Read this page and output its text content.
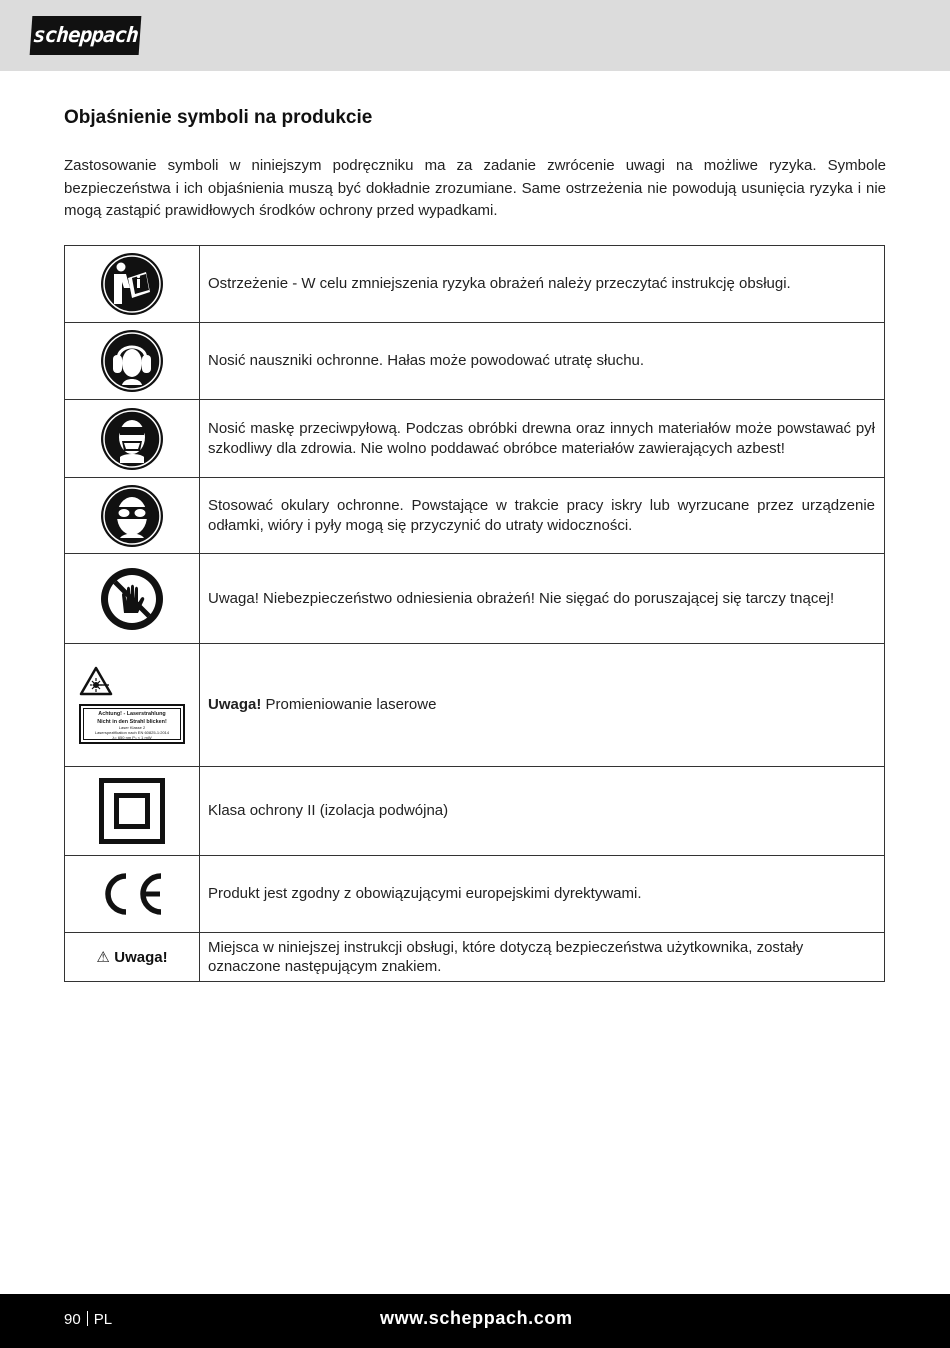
scheppach
Objaśnienie symboli na produkcie

Zastosowanie symboli w niniejszym podręczniku ma za zadanie zwrócenie uwagi na możliwe ryzyka. Symbole bezpieczeństwa i ich objaśnienia muszą być dokładnie zrozumiane. Same ostrzeżenia nie powodują usunięcia ryzyka i nie mogą zastąpić prawidłowych środków ochrony przed wypadkami.

	Ostrzeżenie - W celu zmniejszenia ryzyka obrażeń należy przeczytać instrukcję obsługi.

	Nosić nauszniki ochronne. Hałas może powodować utratę słuchu.

	Nosić maskę przeciwpyłową. Podczas obróbki drewna oraz innych materiałów może powstawać pył szkodliwy dla zdrowia. Nie wolno poddawać obróbce materiałów zawierających azbest!

	Stosować okulary ochronne. Powstające w trakcie pracy iskry lub wyrzucane przez urządzenie odłamki, wióry i pyły mogą się przyczynić do utraty widoczności.

	Uwaga! Niebezpieczeństwo odniesienia obrażeń! Nie sięgać do poruszającej się tarczy tnącej!

Achtung! - Laserstrahlung
Nicht in den Strahl blicken!
Laser Klasse 2
Laserspezifikation nach EN 60825-1:2014
λ= 650 nm P₀ < 1 mW	Uwaga! Promieniowanie laserowe

	Klasa ochrony II (izolacja podwójna)

	Produkt jest zgodny z obowiązującymi europejskimi dyrektywami.
⚠ Uwaga!	Miejsca w niniejszej instrukcji obsługi, które dotyczą bezpieczeństwa użytkownika, zostały oznaczone następującym znakiem.
90 PL	www.scheppach.com
